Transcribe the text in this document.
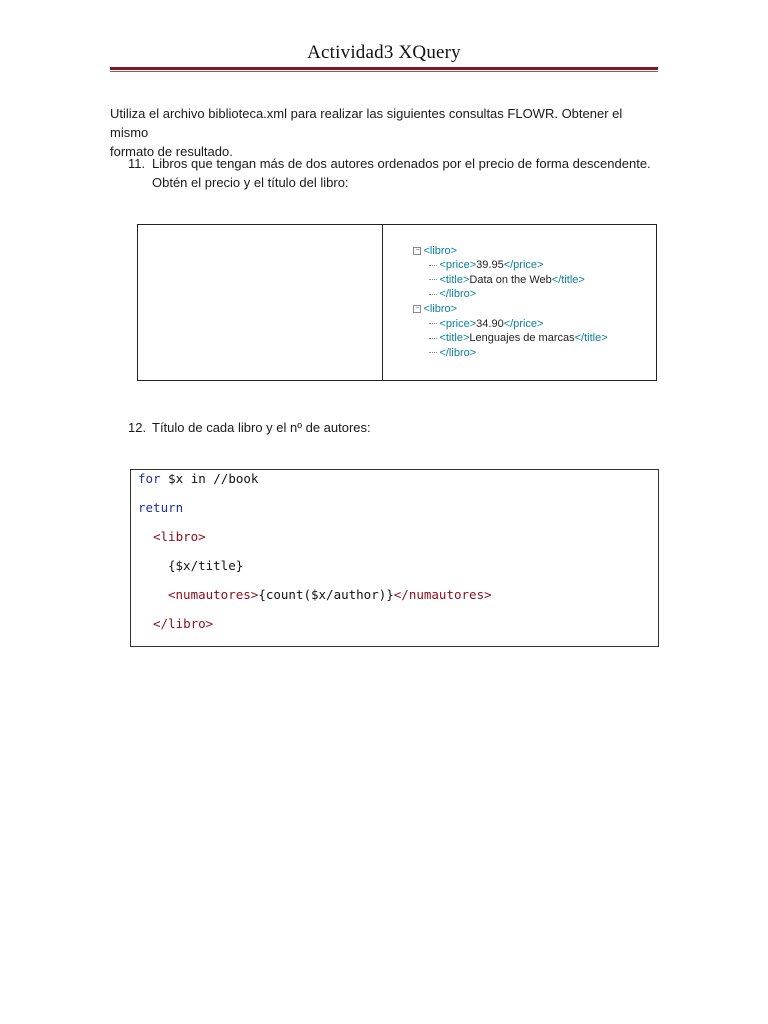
Actividad3 XQuery
Utiliza el archivo biblioteca.xml para realizar las siguientes consultas FLOWR. Obtener el mismo
formato de resultado.
11. Libros que tengan más de dos autores ordenados por el precio de forma descendente.
Obtén el precio y el título del libro:

− <libro>

<price>39.95</price>

<title>Data on the Web</title>

</libro>

− <libro>

<price>34.90</price>

<title>Lenguajes de marcas</title>

</libro>

12. Título de cada libro y el nº de autores:
for $x in //book
return
<libro>
{$x/title}
<numautores>{count($x/author)}</numautores>
</libro>
